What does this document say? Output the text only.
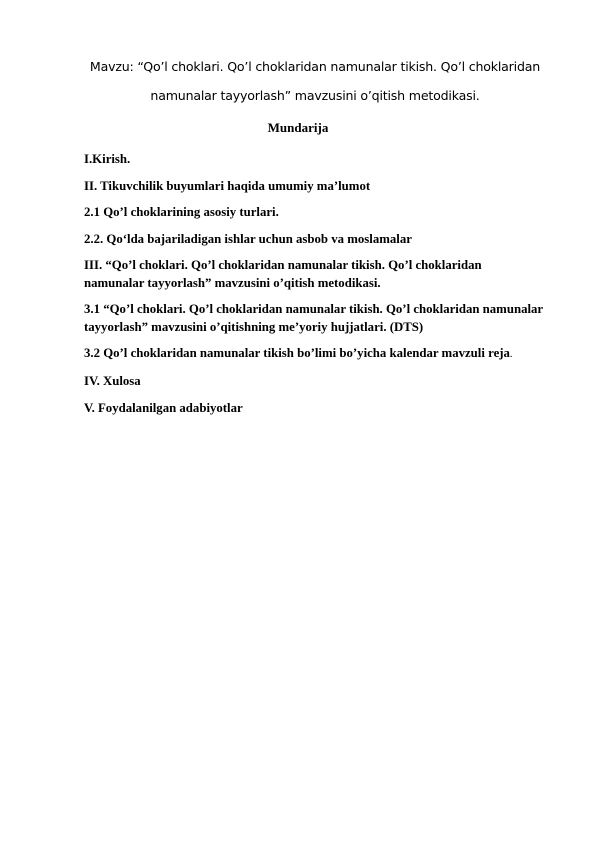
Mavzu: “Qo’l choklari. Qo’l choklaridan namunalar tikish. Qo’l choklaridan namunalar tayyorlash” mavzusini o’qitish metodikasi.
Mundarija
I.Kirish.
II. Tikuvchilik buyumlari haqida umumiy ma’lumot
2.1 Qo’l choklarining asosiy turlari.
2.2. Qo‘lda bajariladigan ishlar uchun asbob va moslamalar
III. “Qo’l choklari. Qo’l choklaridan namunalar tikish. Qo’l choklaridan namunalar tayyorlash” mavzusini o’qitish metodikasi.
3.1 “Qo’l choklari. Qo’l choklaridan namunalar tikish. Qo’l choklaridan namunalar tayyorlash” mavzusini o’qitishning me’yoriy hujjatlari. (DTS)
3.2 Qo’l choklaridan namunalar tikish bo’limi bo’yicha kalendar mavzuli reja.
IV. Xulosa
V. Foydalanilgan adabiyotlar
